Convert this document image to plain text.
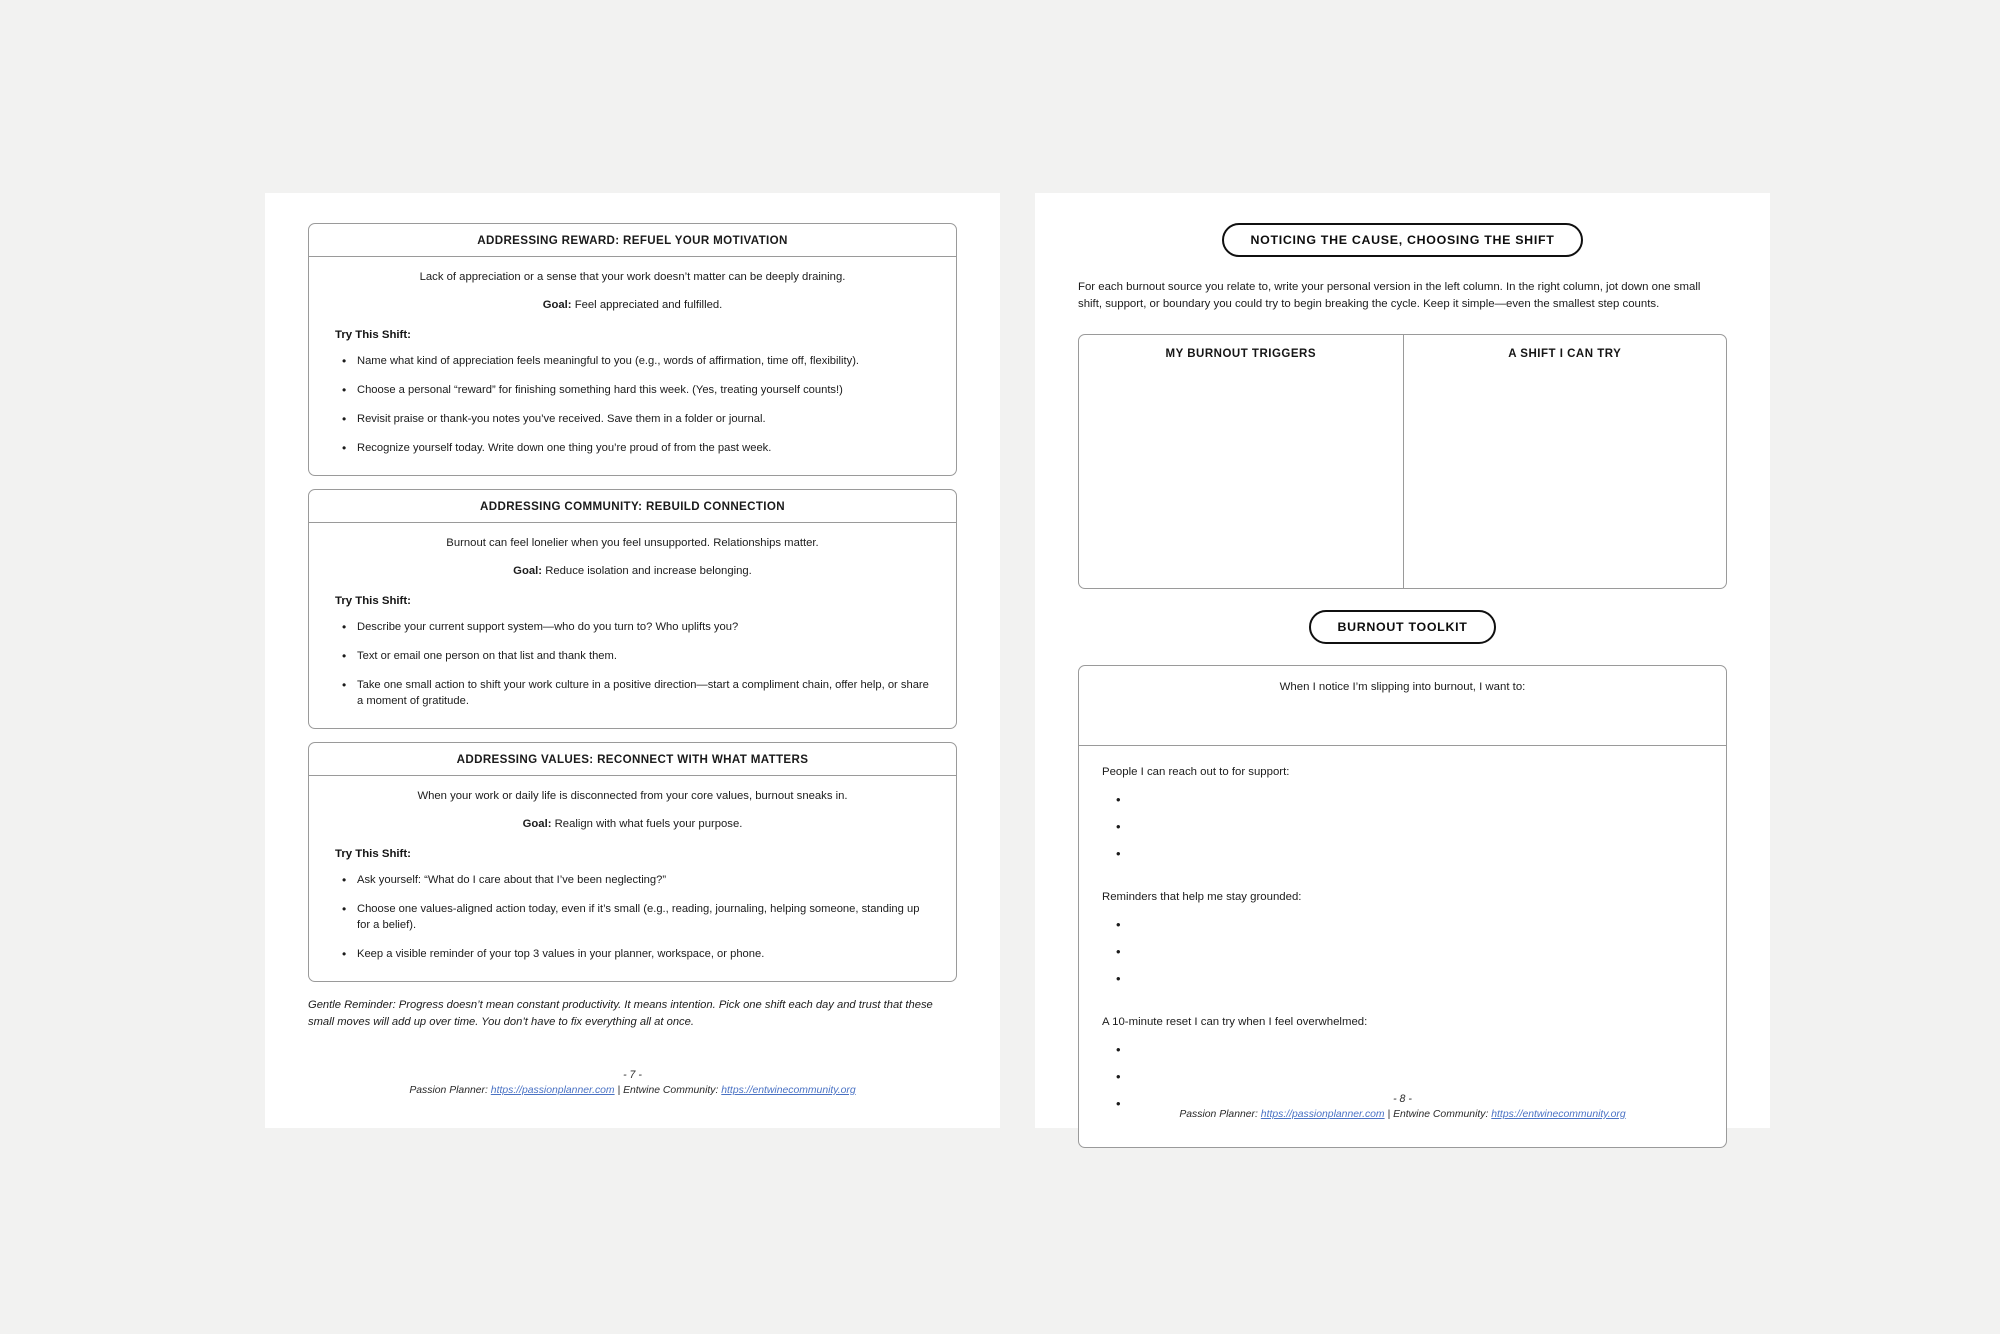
ADDRESSING REWARD: REFUEL YOUR MOTIVATION
Lack of appreciation or a sense that your work doesn’t matter can be deeply draining.
Goal: Feel appreciated and fulfilled.
Try This Shift:
• Name what kind of appreciation feels meaningful to you (e.g., words of affirmation, time off, flexibility).
• Choose a personal “reward” for finishing something hard this week. (Yes, treating yourself counts!)
• Revisit praise or thank-you notes you’ve received. Save them in a folder or journal.
• Recognize yourself today. Write down one thing you’re proud of from the past week.
ADDRESSING COMMUNITY: REBUILD CONNECTION
Burnout can feel lonelier when you feel unsupported. Relationships matter.
Goal: Reduce isolation and increase belonging.
Try This Shift:
• Describe your current support system—who do you turn to? Who uplifts you?
• Text or email one person on that list and thank them.
• Take one small action to shift your work culture in a positive direction—start a compliment chain, offer help, or share a moment of gratitude.
ADDRESSING VALUES: RECONNECT WITH WHAT MATTERS
When your work or daily life is disconnected from your core values, burnout sneaks in.
Goal: Realign with what fuels your purpose.
Try This Shift:
• Ask yourself: “What do I care about that I’ve been neglecting?”
• Choose one values-aligned action today, even if it’s small (e.g., reading, journaling, helping someone, standing up for a belief).
• Keep a visible reminder of your top 3 values in your planner, workspace, or phone.
Gentle Reminder: Progress doesn’t mean constant productivity. It means intention. Pick one shift each day and trust that these small moves will add up over time. You don’t have to fix everything all at once.
- 7 -
Passion Planner: https://passionplanner.com | Entwine Community: https://entwinecommunity.org
NOTICING THE CAUSE, CHOOSING THE SHIFT
For each burnout source you relate to, write your personal version in the left column. In the right column, jot down one small shift, support, or boundary you could try to begin breaking the cycle. Keep it simple—even the smallest step counts.
MY BURNOUT TRIGGERS	A SHIFT I CAN TRY
BURNOUT TOOLKIT
When I notice I’m slipping into burnout, I want to:
People I can reach out to for support:
•
•
•
Reminders that help me stay grounded:
•
•
•
A 10-minute reset I can try when I feel overwhelmed:
•
•
•
- 8 -
Passion Planner: https://passionplanner.com | Entwine Community: https://entwinecommunity.org
